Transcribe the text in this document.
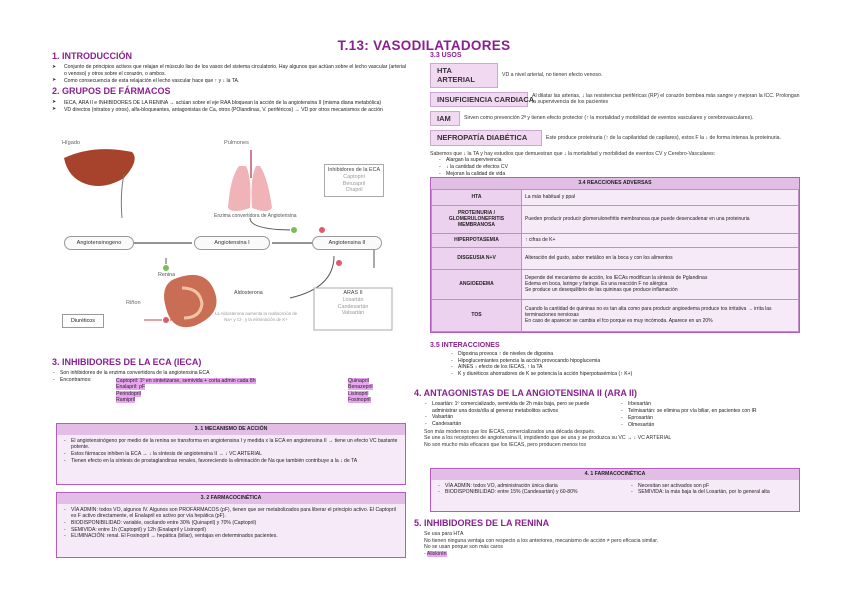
T.13: VASODILATADORES
1. INTRODUCCIÓN
➤ Conjunto de principios activos que relajan el músculo liso de los vasos del sistema circulatorio. Hay algunos que actúan sobre el lecho vascular (arterial o venoso) y otros sobre el corazón, o ambos.
➤ Como consecuencia de esta relajación el lecho vascular hace que ↑ y ↓ la TA.
2. GRUPOS DE FÁRMACOS
➤ IECA, ARA II e INHIBIDORES DE LA RENINA → actúan sobre el eje RAA bloquean la acción de la angiotensina II (misma diana metabólica)
➤ VD directos (nitratos y otros), alfa-bloqueantes, antagonistas de Ca, otros (POlandinas, V. periféricos) → VD por otros mecanismos de acción
Hígado	Pulmones
Inhibidores de la ECA
Captopril
Benzapril
Chapril
Enzima convertidora de Angiotensina
Angiotensinogeno	Angiotensina I	Angiotensina II
Renina
Riñon
Aldosterona
La Aldosterona aumenta la reabsorción de Na+ y Cl-, y la eliminación de K+
Diuréticos
ARAS II
Losartán
Candesartán
Valsartán
3. INHIBIDORES DE LA ECA (IECA)
- Son inhibidores de la enzima convertidora de la angiotensina ECA
- Encontramos:	Captopril: 1º en sintetizarse, semivida + corta admin cada 8h
Enalapril: pF
Perindopril
Ramipril
Quinapril
Benazepril
Lisinopril
Fosinopril
3. 1 MECANISMO DE ACCIÓN
- El angiotensinógeno por medio de la renina se transforma en angiotensina I y medida x la ECA en angiotensina II → tiene un efecto VC bastante potente.
- Estos fármacos inhiben la ECA → ↓ la síntesis de angiotensina II → ↓ VC ARTERIAL
- Tienen efecto en la síntesis de prostaglandinas renales, favoreciendo la eliminación de Na que también contribuye a la ↓ de TA
3. 2 FARMACOCINÉTICA
- VÍA ADMIN: todos VO, algunos IV. Algunos son PROFÁRMACOS (pF), tienen que ser metabolizados para liberar el principio activo. El Captopril es F activo directamente, el Enalapril es activo por vía hepática (pF).
- BIODISPONIBILIDAD: variable, oscilando entre 30% (Quinapril) y 70% (Captopril)
- SEMIVIDA: entre 1h (Captopril) y 12h (Enalapril y Lisinopril)
- ELIMINACIÓN: renal. El Fosinopril → hepática (biliar), ventajas en determinados pacientes.
3.3 USOS
HTA ARTERIAL
VD a nivel arterial, no tienen efecto venoso.
INSUFICIENCIA CARDIACA
Al dilatar las arterias, ↓ las resistencias periféricas (RP) el corazón bombea más sangre y mejoran la ICC. Prolongan la supervivencia de los pacientes
IAM	Sirven como prevención 2ª y tienen efecto protector (↑ la mortalidad y morbilidad de eventos vasculares y cerebrovasculares).
NEFROPATÍA DIABÉTICA	Este produce proteinuria (↑ de la capilaridad de capilares), estos F la ↓ de forma intensa la proteinuria.
Sabemos que ↓ la TA y hay estudios que demuestran que ↓ la mortalidad y morbilidad de eventos CV y Cerebro-Vasculares:
- Alargan la supervivencia
- ↓ la cantidad de efectos CV
- Mejoran la calidad de vida
3.4 REACCIONES ADVERSAS
HTA	La más habitual y ppal

PROTEINURIA / GLOMERULONEFRITIS MEMBRANOSA	Pueden producir producir glomerulonefritis membranosa que puede desencadenar en una proteinuria

HIPERPOTASEMIA	↑ cifras de K+

DISGEUSIA N+V	Alteración del gusto, sabor metálico en la boca y con los alimentos

ANGIOEDEMA	Depende del mecanismo de acción, los IECAs modifican la síntesis de Pglandinas
Edema en boca, laringe y faringe. Es una reacción F no alérgica
Se produce un desequilibrio de las quininas que produce inflamación

TOS	Cuando la cantidad de quininas no es tan alta como para producir angioedema produce tos irritativa → irrita las terminaciones nerviosas
En caso de aparecer se cambia el fco porque es muy incómoda. Aparece en un 20%
3.5 INTERACCIONES
- Digoxina provoca ↑ de niveles de digoxina
- Hipoglucemiantes potencia la acción provocando hipoglucemia
- AINES ↓ efecto de los IECAS, ↑ la TA
- K y diuréticos ahorradores de K se potencia la acción hiperpotasémica (↑ K+)
4. ANTAGONISTAS DE LA ANGIOTENSINA II (ARA II)
- Losartán: 1º comercializado, semivida de 2h más baja, pero se puede administrar una dosis/día al generar metabolitos activos
- Valsartán
- Candesartán
- Irbesartán
- Telmisartán: se elimina por vía biliar, en pacientes con IR
- Eprosartán
- Olmesartán
Son más modernos que los IECAS, comercializados una década después.
Se une a los receptores de angiotensina II, impidiendo que se una y se produzca su VC → ↓ VC ARTERIAL
No son mucho más eficaces que los IECAS, pero producen menos tos
4. 1 FARMACOCINÉTICA
- VÍA ADMIN: todos VO, administración única diaria
- BIODISPONIBILIDAD: entre 15% (Candesartán) y 60-80%
- Necesitan ser activados son pF
- SEMIVIDA: la más baja la del Losartán, por lo general alta
5. INHIBIDORES DE LA RENINA
Se usa para HTA
No tienen ninguna ventaja con respecto a los anteriores, mecanismo de acción ≠ pero eficacia similar.
No se usan porque son más caros
- Aliskirén
